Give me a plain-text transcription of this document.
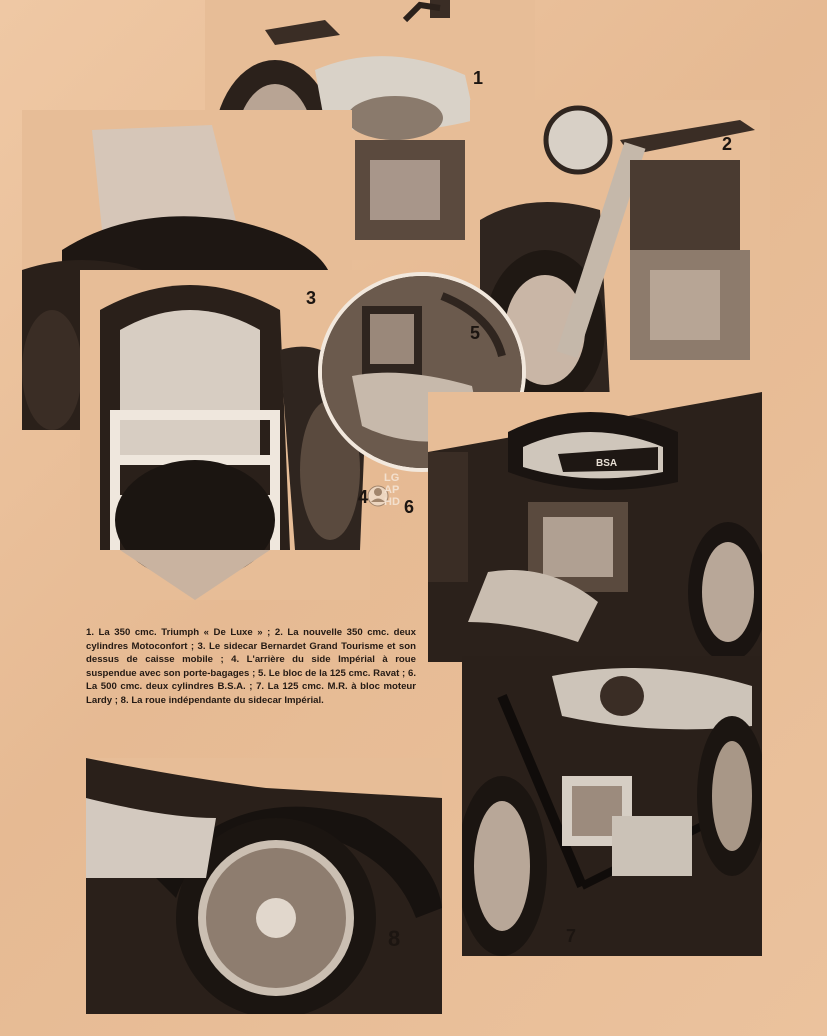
BSA
1
2
3
4
5
6
7
8
LG
AP
HD
1. La 350 cmc. Triumph « De Luxe » ; 2. La nouvelle 350 cmc. deux cylindres Motoconfort ; 3. Le sidecar Bernardet Grand Tourisme et son dessus de caisse mobile ; 4. L'arrière du side Impérial à roue suspendue avec son porte-bagages ; 5. Le bloc de la 125 cmc. Ravat ; 6. La 500 cmc. deux cylindres B.S.A. ; 7. La 125 cmc. M.R. à bloc moteur Lardy ; 8. La roue indépendante du sidecar Impérial.
